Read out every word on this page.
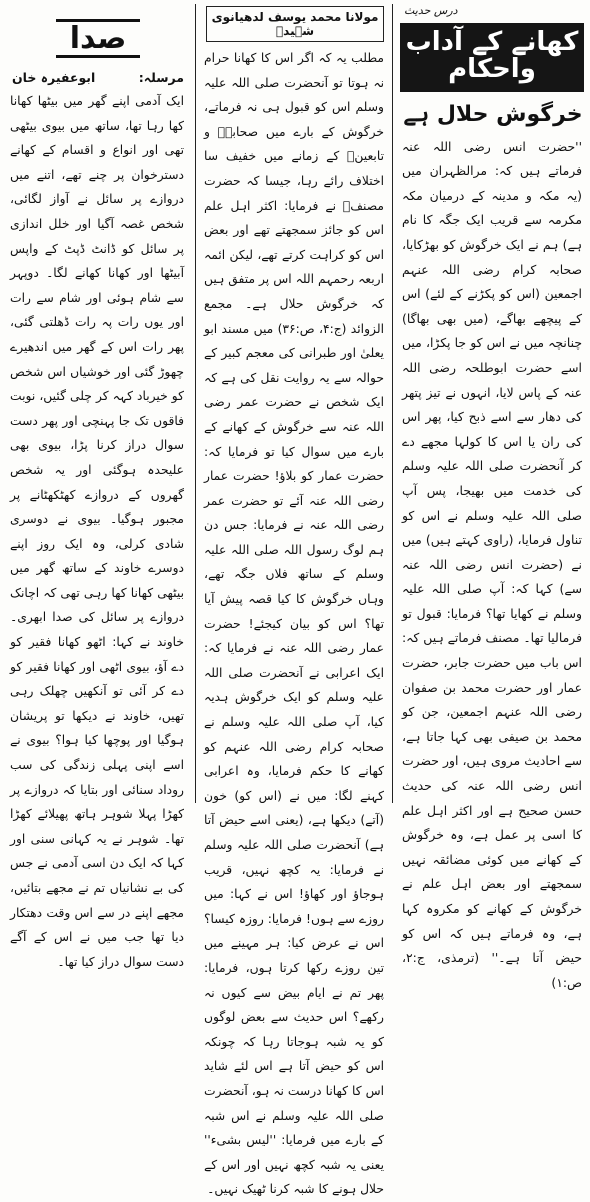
درس حدیث
کھانے کے آداب واحکام
خرگوش حلال ہے

''حضرت انس رضی اللہ عنہ فرماتے ہیں کہ: مرالظہران میں (یہ مکہ و مدینہ کے درمیان مکہ مکرمہ سے قریب ایک جگہ کا نام ہے) ہم نے ایک خرگوش کو بھڑکایا، صحابہ کرام رضی اللہ عنہم اجمعین (اس کو پکڑنے کے لئے) اس کے پیچھے بھاگے، (میں بھی بھاگا) چنانچہ میں نے اس کو جا پکڑا، میں اسے حضرت ابوطلحہ رضی اللہ عنہ کے پاس لایا، انہوں نے تیز پتھر کی دھار سے اسے ذبح کیا، پھر اس کی ران یا اس کا کولہا مجھے دے کر آنحضرت صلی اللہ علیہ وسلم کی خدمت میں بھیجا، پس آپ صلی اللہ علیہ وسلم نے اس کو تناول فرمایا، (راوی کہتے ہیں) میں نے (حضرت انس رضی اللہ عنہ سے) کہا کہ: آپ صلی اللہ علیہ وسلم نے کھایا تھا؟ فرمایا: قبول تو فرمالیا تھا۔ مصنف فرماتے ہیں کہ: اس باب میں حضرت جابر، حضرت عمار اور حضرت محمد بن صفوان رضی اللہ عنہم اجمعین، جن کو محمد بن صیفی بھی کہا جاتا ہے، سے احادیث مروی ہیں، اور حضرت انس رضی اللہ عنہ کی حدیث حسن صحیح ہے اور اکثر اہل علم کا اسی پر عمل ہے، وہ خرگوش کے کھانے میں کوئی مضائقہ نہیں سمجھتے اور بعض اہل علم نے خرگوش کے کھانے کو مکروہ کہا ہے، وہ فرماتے ہیں کہ اس کو حیض آتا ہے۔'' (ترمذی، ج:۲، ص:۱)

مولانا محمد یوسف لدھیانوی شہیدؒ

مطلب یہ کہ اگر اس کا کھانا حرام نہ ہوتا تو آنحضرت صلی اللہ علیہ وسلم اس کو قبول ہی نہ فرماتے، خرگوش کے بارے میں صحابہؓ و تابعینؒ کے زمانے میں خفیف سا اختلاف رائے رہا، جیسا کہ حضرت مصنفؒ نے فرمایا: اکثر اہل علم اس کو جائز سمجھتے تھے اور بعض اس کو کراہت کرتے تھے، لیکن ائمہ اربعہ رحمہم اللہ اس پر متفق ہیں کہ خرگوش حلال ہے۔ مجمع الزوائد (ج:۴، ص:۳۶) میں مسند ابو یعلیٰ اور طبرانی کی معجم کبیر کے حوالہ سے یہ روایت نقل کی ہے کہ ایک شخص نے حضرت عمر رضی اللہ عنہ سے خرگوش کے کھانے کے بارے میں سوال کیا تو فرمایا کہ: حضرت عمار کو بلاؤ! حضرت عمار رضی اللہ عنہ آئے تو حضرت عمر رضی اللہ عنہ نے فرمایا: جس دن ہم لوگ رسول اللہ صلی اللہ علیہ وسلم کے ساتھ فلاں جگہ تھے، وہاں خرگوش کا کیا قصہ پیش آیا تھا؟ اس کو بیان کیجئے! حضرت عمار رضی اللہ عنہ نے فرمایا کہ: ایک اعرابی نے آنحضرت صلی اللہ علیہ وسلم کو ایک خرگوش ہدیہ کیا، آپ صلی اللہ علیہ وسلم نے صحابہ کرام رضی اللہ عنہم کو کھانے کا حکم فرمایا، وہ اعرابی کہنے لگا: میں نے (اس کو) خون (آتے) دیکھا ہے، (یعنی اسے حیض آتا ہے) آنحضرت صلی اللہ علیہ وسلم نے فرمایا: یہ کچھ نہیں، قریب ہوجاؤ اور کھاؤ! اس نے کہا: میں روزے سے ہوں! فرمایا: روزہ کیسا؟ اس نے عرض کیا: ہر مہینے میں تین روزے رکھا کرتا ہوں، فرمایا: پھر تم نے ایام بیض سے کیوں نہ رکھے؟ اس حدیث سے بعض لوگوں کو یہ شبہ ہوجاتا رہا کہ چونکہ اس کو حیض آتا ہے اس لئے شاید اس کا کھانا درست نہ ہو، آنحضرت صلی اللہ علیہ وسلم نے اس شبہ کے بارے میں فرمایا: ''لیس بشیء'' یعنی یہ شبہ کچھ نہیں اور اس کے حلال ہونے کا شبہ کرنا ٹھیک نہیں۔

صدا
مرسلہ:
ابوعفیرہ خان

ایک آدمی اپنے گھر میں بیٹھا کھانا کھا رہا تھا، ساتھ میں بیوی بیٹھی تھی اور انواع و اقسام کے کھانے دسترخوان پر چنے تھے، اتنے میں دروازے پر سائل نے آواز لگائی، شخص غصہ آگیا اور خلل اندازی پر سائل کو ڈانٹ ڈپٹ کے واپس آبیٹھا اور کھانا کھانے لگا۔ دوپہر سے شام ہوئی اور شام سے رات اور یوں رات پہ رات ڈھلتی گئی، پھر رات اس کے گھر میں اندھیرے چھوڑ گئی اور خوشیاں اس شخص کو خیرباد کہہ کر چلی گئیں، نوبت فاقوں تک جا پہنچی اور پھر دست سوال دراز کرنا پڑا، بیوی بھی علیحدہ ہوگئی اور یہ شخص گھروں کے دروازے کھٹکھٹانے پر مجبور ہوگیا۔ بیوی نے دوسری شادی کرلی، وہ ایک روز اپنے دوسرے خاوند کے ساتھ گھر میں بیٹھی کھانا کھا رہی تھی کہ اچانک دروازے پر سائل کی صدا ابھری۔ خاوند نے کہا: اٹھو کھانا فقیر کو دے آؤ، بیوی اٹھی اور کھانا فقیر کو دے کر آئی تو آنکھیں چھلک رہی تھیں، خاوند نے دیکھا تو پریشان ہوگیا اور پوچھا کیا ہوا؟ بیوی نے اسے اپنی پہلی زندگی کی سب روداد سنائی اور بتایا کہ دروازے پر کھڑا پہلا شوہر ہاتھ پھیلائے کھڑا تھا۔ شوہر نے یہ کہانی سنی اور کہا کہ ایک دن اسی آدمی نے جس کی بے نشانیاں تم نے مجھے بتائیں، مجھے اپنے در سے اس وقت دھتکار دیا تھا جب میں نے اس کے آگے دست سوال دراز کیا تھا۔
